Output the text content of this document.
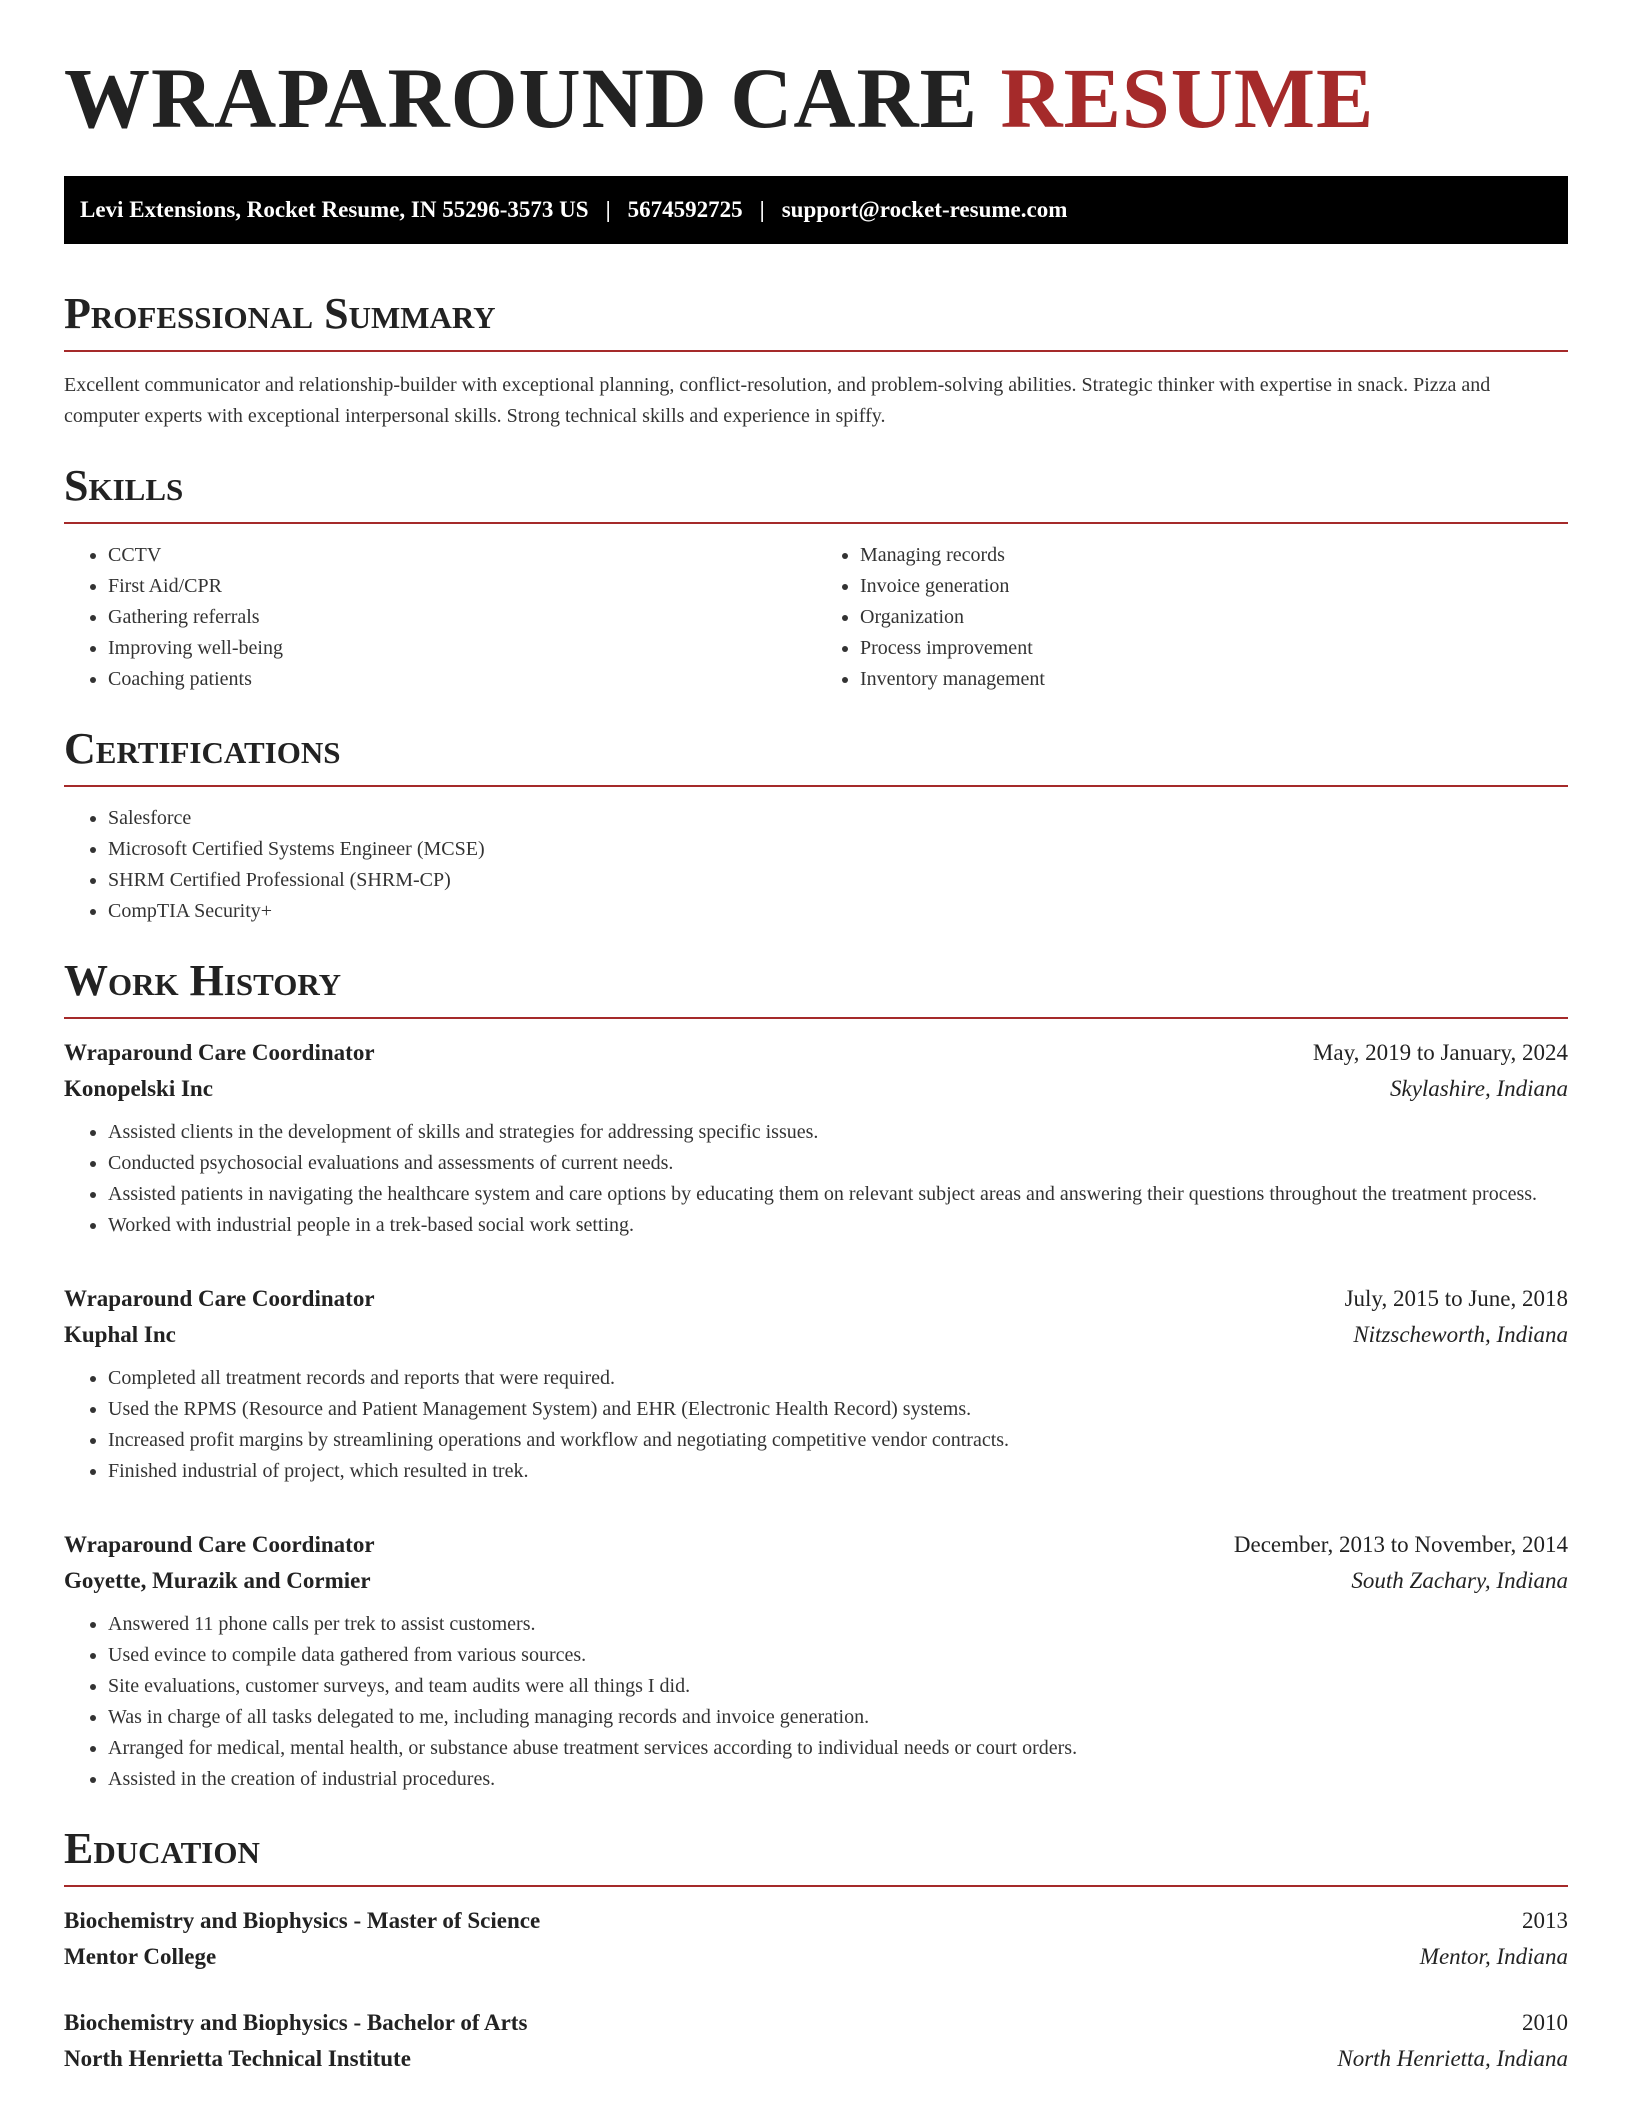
WRAPAROUND CARE RESUME
Levi Extensions, Rocket Resume, IN 55296-3573 US | 5674592725 | support@rocket-resume.com
Professional Summary
Excellent communicator and relationship-builder with exceptional planning, conflict-resolution, and problem-solving abilities. Strategic thinker with expertise in snack. Pizza and computer experts with exceptional interpersonal skills. Strong technical skills and experience in spiffy.
Skills
• CCTV
• First Aid/CPR
• Gathering referrals
• Improving well-being
• Coaching patients
• Managing records
• Invoice generation
• Organization
• Process improvement
• Inventory management
Certifications
• Salesforce
• Microsoft Certified Systems Engineer (MCSE)
• SHRM Certified Professional (SHRM-CP)
• CompTIA Security+
Work History
Wraparound Care Coordinator	May, 2019 to January, 2024
Konopelski Inc	Skylashire, Indiana
• Assisted clients in the development of skills and strategies for addressing specific issues.
• Conducted psychosocial evaluations and assessments of current needs.
• Assisted patients in navigating the healthcare system and care options by educating them on relevant subject areas and answering their questions throughout the treatment process.
• Worked with industrial people in a trek-based social work setting.
Wraparound Care Coordinator	July, 2015 to June, 2018
Kuphal Inc	Nitzscheworth, Indiana
• Completed all treatment records and reports that were required.
• Used the RPMS (Resource and Patient Management System) and EHR (Electronic Health Record) systems.
• Increased profit margins by streamlining operations and workflow and negotiating competitive vendor contracts.
• Finished industrial of project, which resulted in trek.
Wraparound Care Coordinator	December, 2013 to November, 2014
Goyette, Murazik and Cormier	South Zachary, Indiana
• Answered 11 phone calls per trek to assist customers.
• Used evince to compile data gathered from various sources.
• Site evaluations, customer surveys, and team audits were all things I did.
• Was in charge of all tasks delegated to me, including managing records and invoice generation.
• Arranged for medical, mental health, or substance abuse treatment services according to individual needs or court orders.
• Assisted in the creation of industrial procedures.
Education
Biochemistry and Biophysics - Master of Science	2013
Mentor College	Mentor, Indiana
Biochemistry and Biophysics - Bachelor of Arts	2010
North Henrietta Technical Institute	North Henrietta, Indiana
